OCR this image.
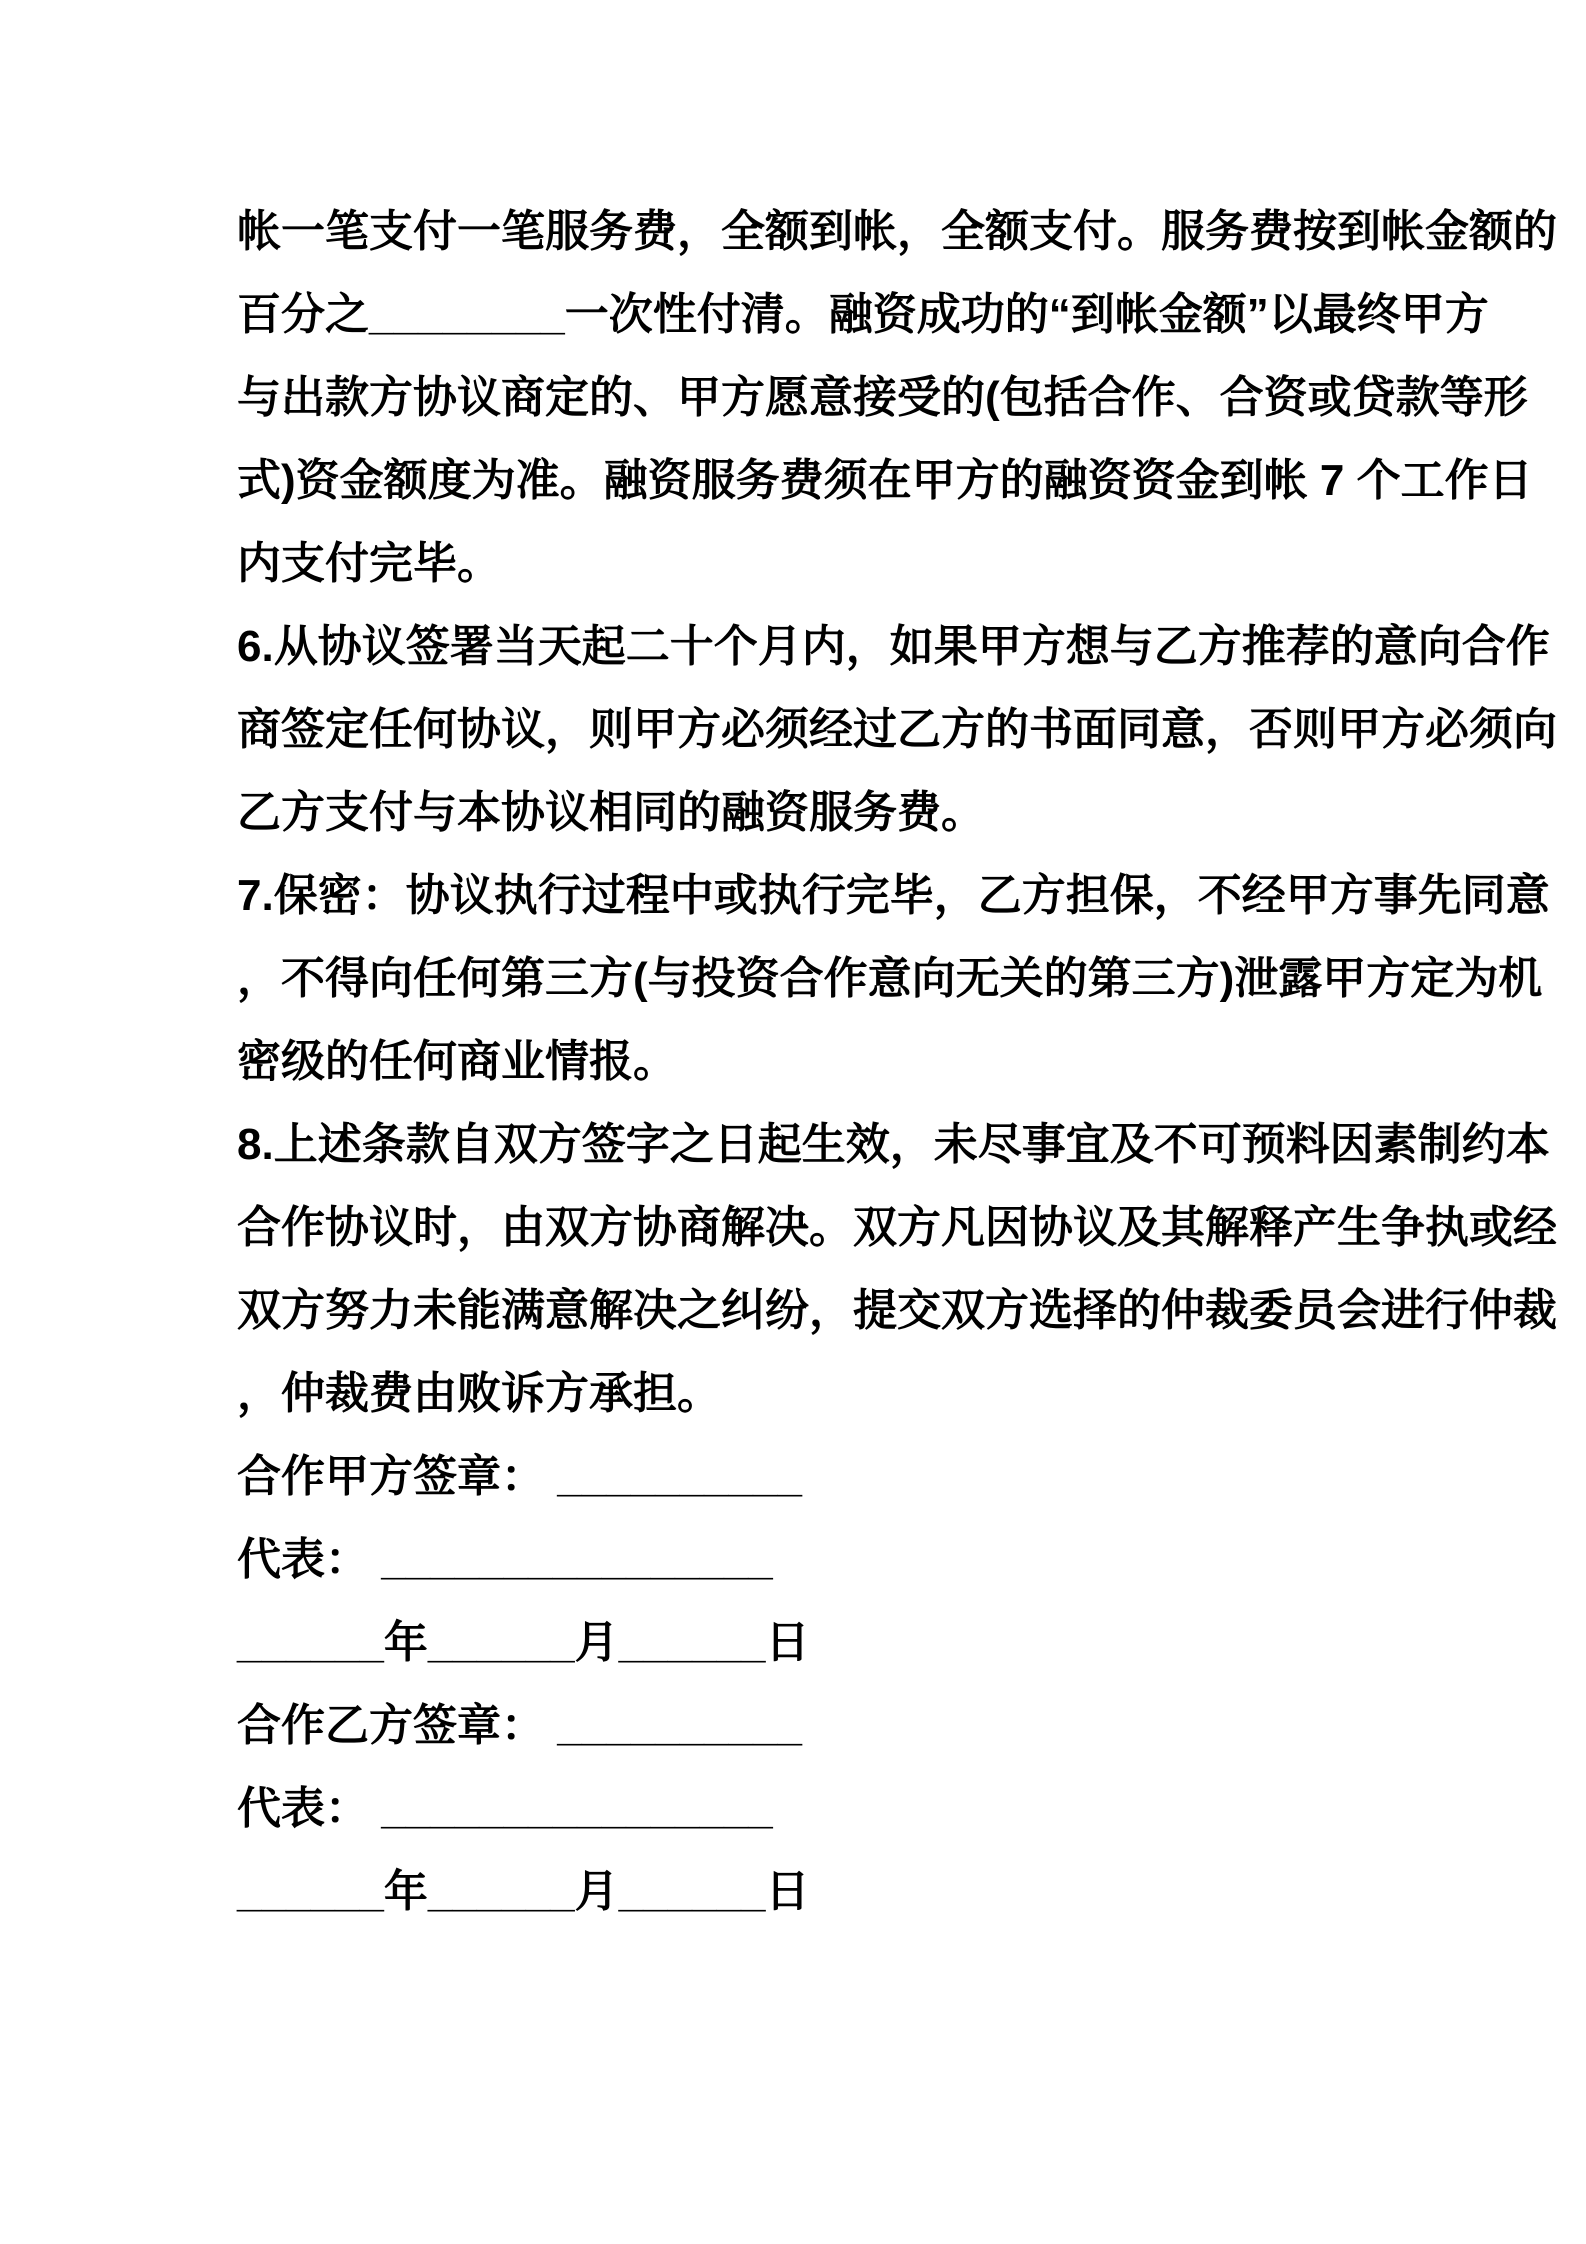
帐一笔支付一笔服务费，全额到帐，全额支付。服务费按到帐金额的
百分之________一次性付清。融资成功的“到帐金额”以最终甲方
与出款方协议商定的、甲方愿意接受的(包括合作、合资或贷款等形
式)资金额度为准。融资服务费须在甲方的融资资金到帐 7 个工作日
内支付完毕。
6.从协议签署当天起二十个月内，如果甲方想与乙方推荐的意向合作
商签定任何协议，则甲方必须经过乙方的书面同意，否则甲方必须向
乙方支付与本协议相同的融资服务费。
7.保密：协议执行过程中或执行完毕，乙方担保，不经甲方事先同意
，不得向任何第三方(与投资合作意向无关的第三方)泄露甲方定为机
密级的任何商业情报。
8.上述条款自双方签字之日起生效，未尽事宜及不可预料因素制约本
合作协议时，由双方协商解决。双方凡因协议及其解释产生争执或经
双方努力未能满意解决之纠纷，提交双方选择的仲裁委员会进行仲裁
，仲裁费由败诉方承担。
合作甲方签章： __________
代表： ________________
______年______月______日
合作乙方签章： __________
代表： ________________
______年______月______日
